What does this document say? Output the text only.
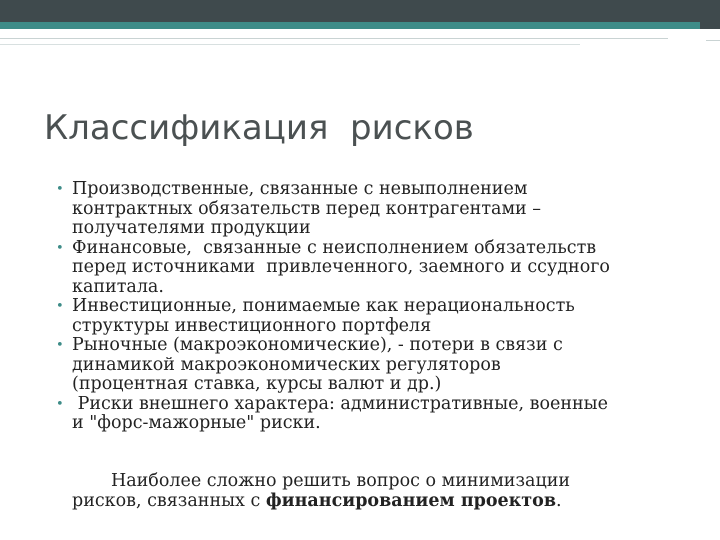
Классификация  рисков
• Производственные, связанные с невыполнением
контрактных обязательств перед контрагентами –
получателями продукции
• Финансовые,  связанные с неисполнением обязательств
перед источниками  привлеченного, заемного и ссудного
капитала.
• Инвестиционные, понимаемые как нерациональность
структуры инвестиционного портфеля
• Рыночные (макроэкономические), - потери в связи с
динамикой макроэкономических регуляторов
(процентная ставка, курсы валют и др.)
• Риски внешнего характера: административные, военные
и "форс-мажорные" риски.
Наиболее сложно решить вопрос о минимизации
рисков, связанных с финансированием проектов.
